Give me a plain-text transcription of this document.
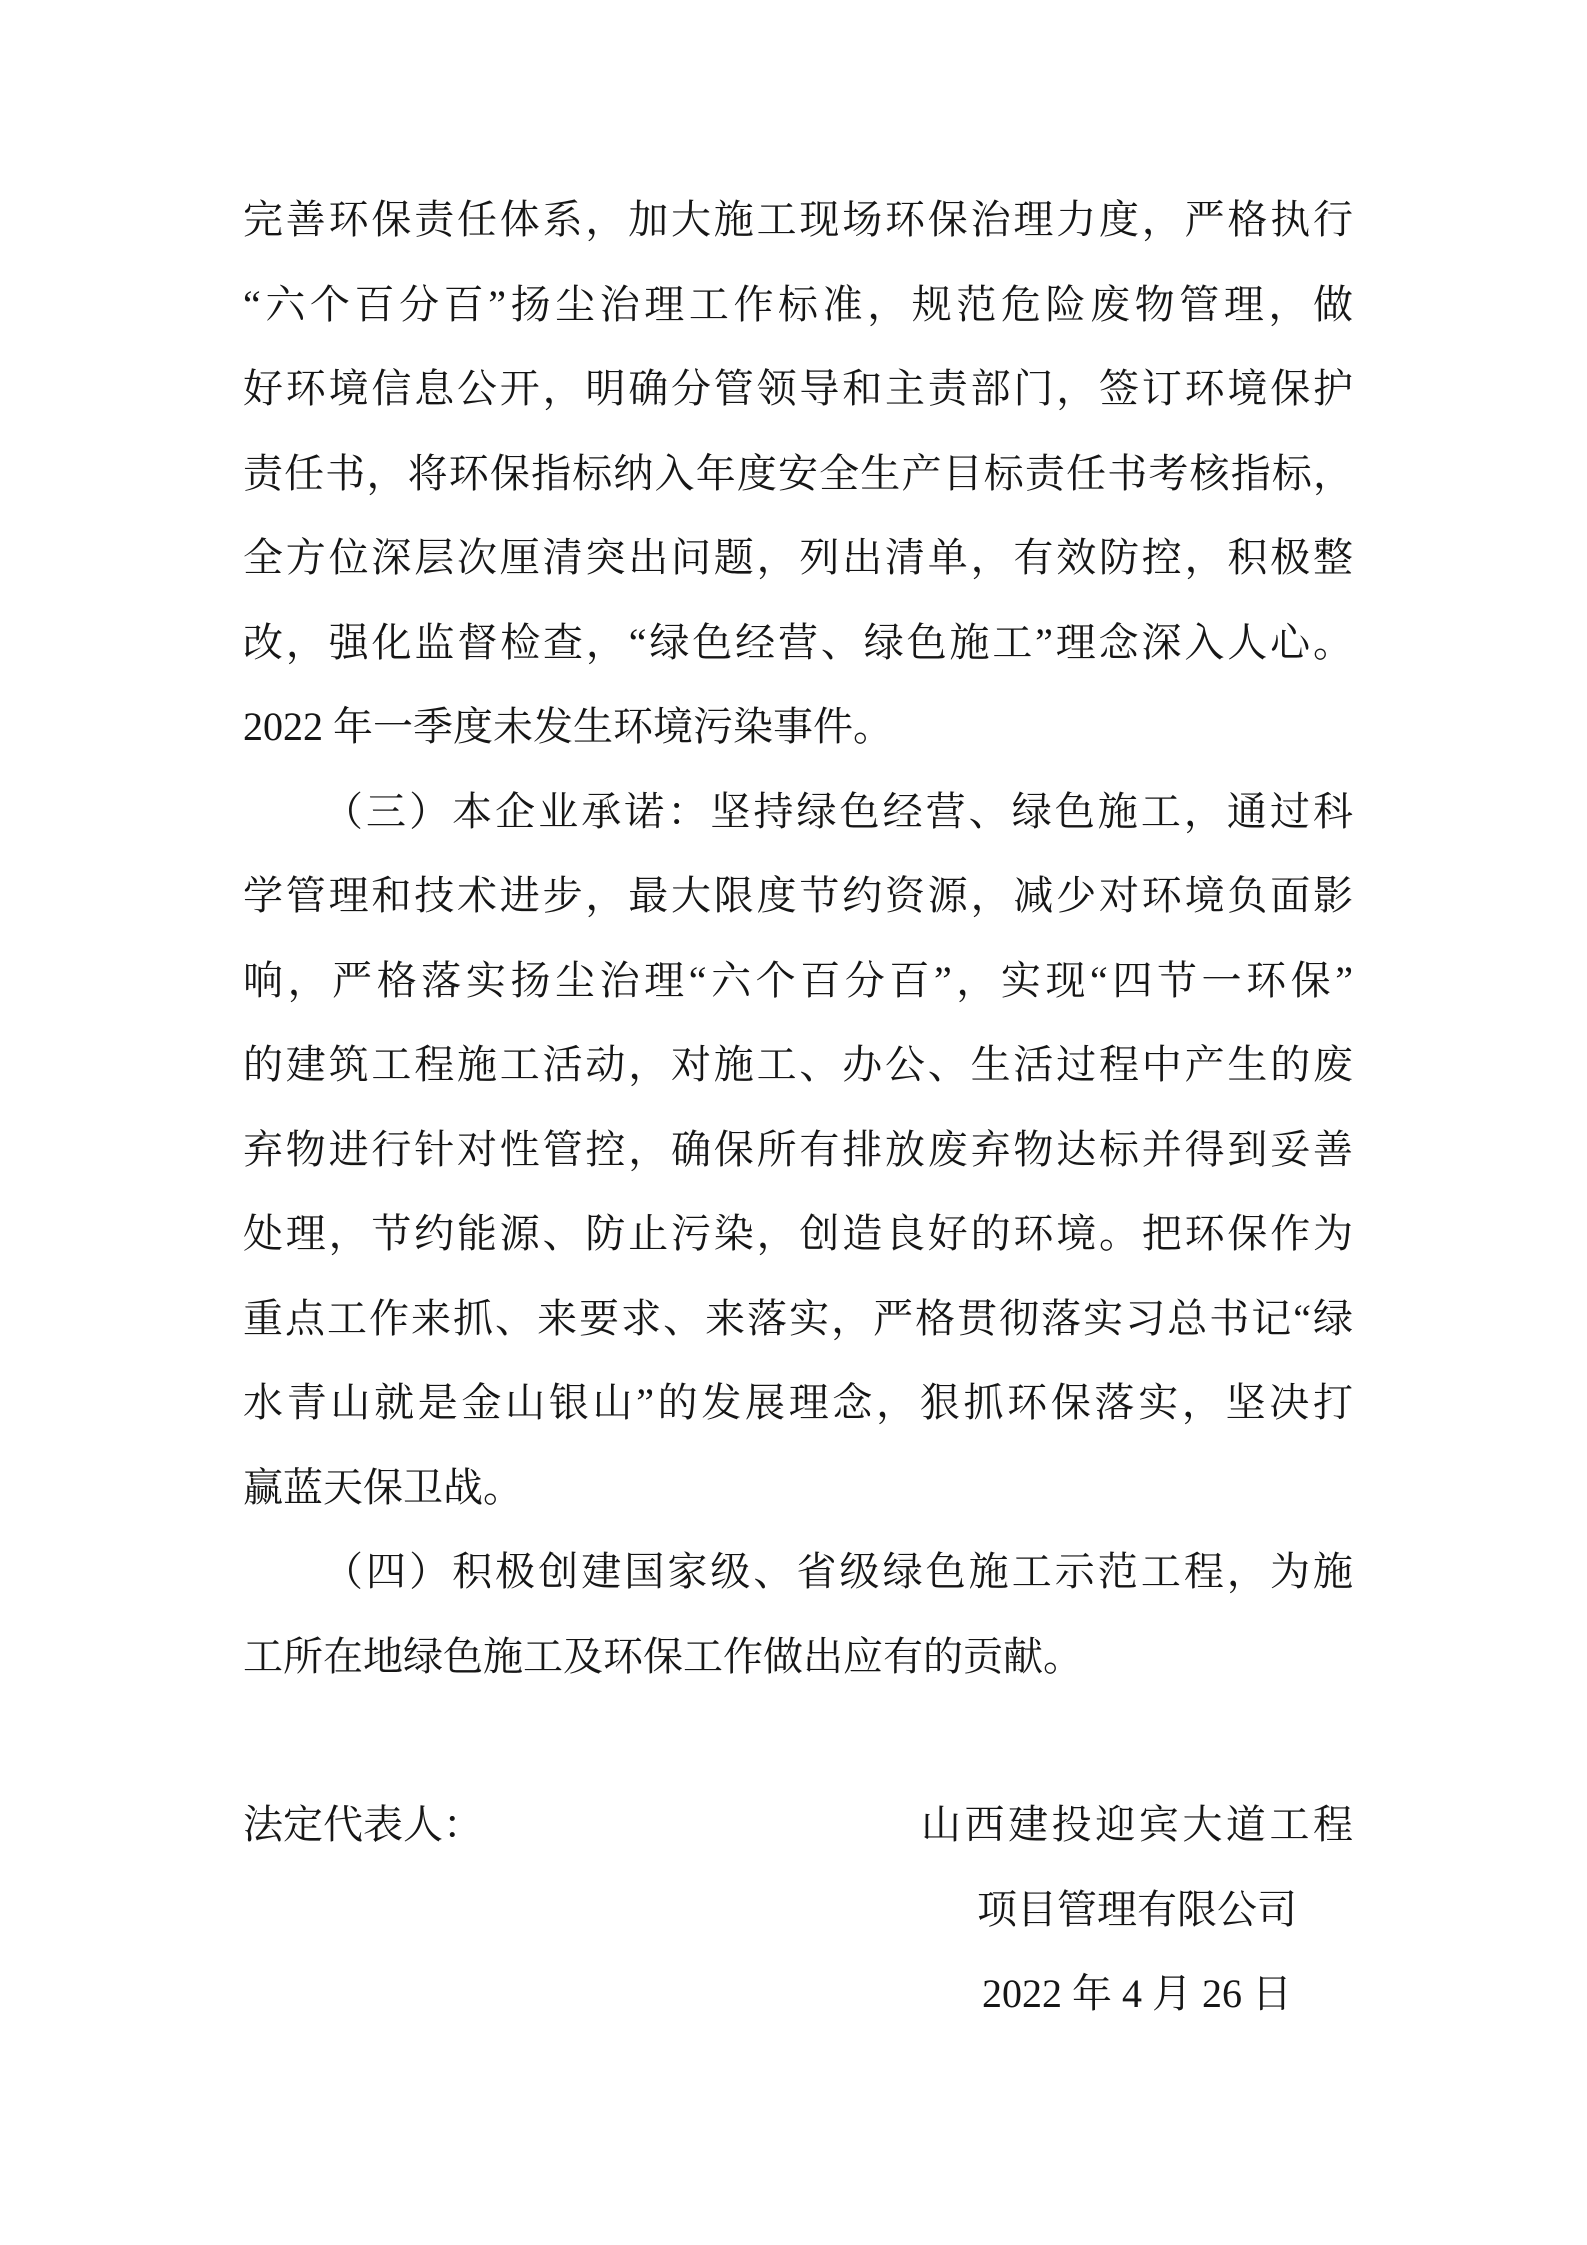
完善环保责任体系，加大施工现场环保治理力度，严格执行
“六个百分百”扬尘治理工作标准，规范危险废物管理，做
好环境信息公开，明确分管领导和主责部门，签订环境保护
责任书，将环保指标纳入年度安全生产目标责任书考核指标，
全方位深层次厘清突出问题，列出清单，有效防控，积极整
改，强化监督检查，“绿色经营、绿色施工”理念深入人心。
2022 年一季度未发生环境污染事件。
（三）本企业承诺：坚持绿色经营、绿色施工，通过科
学管理和技术进步，最大限度节约资源，减少对环境负面影
响，严格落实扬尘治理“六个百分百”，实现“四节一环保”
的建筑工程施工活动，对施工、办公、生活过程中产生的废
弃物进行针对性管控，确保所有排放废弃物达标并得到妥善
处理，节约能源、防止污染，创造良好的环境。把环保作为
重点工作来抓、来要求、来落实，严格贯彻落实习总书记“绿
水青山就是金山银山”的发展理念，狠抓环保落实，坚决打
赢蓝天保卫战。
（四）积极创建国家级、省级绿色施工示范工程，为施
工所在地绿色施工及环保工作做出应有的贡献。
法定代表人：	山西建投迎宾大道工程
项目管理有限公司
2022 年 4 月 26 日
